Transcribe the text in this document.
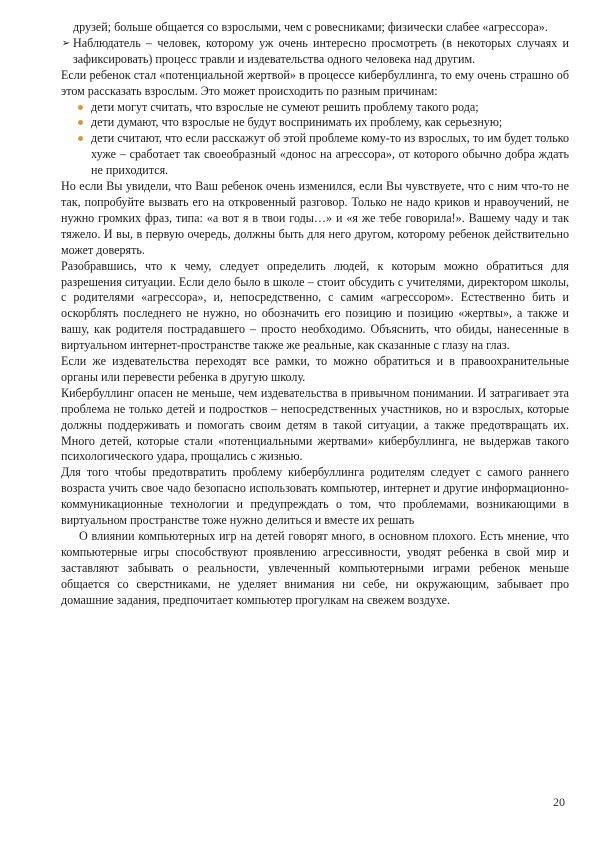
друзей; больше общается со взрослыми, чем с ровесниками; физически слабее «агрессора».

➢ Наблюдатель – человек, которому уж очень интересно просмотреть (в некоторых случаях и зафиксировать) процесс травли и издевательства одного человека над другим.

Если ребенок стал «потенциальной жертвой» в процессе кибербуллинга, то ему очень страшно об этом рассказать взрослым. Это может происходить по разным причинам:

дети могут считать, что взрослые не сумеют решить проблему такого рода;
дети думают, что взрослые не будут воспринимать их проблему, как серьезную;
дети считают, что если расскажут об этой проблеме кому-то из взрослых, то им будет только хуже – сработает так своеобразный «донос на агрессора», от которого обычно добра ждать не приходится.

Но если Вы увидели, что Ваш ребенок очень изменился, если Вы чувствуете, что с ним что-то не так, попробуйте вызвать его на откровенный разговор. Только не надо криков и нравоучений, не нужно громких фраз, типа: «а вот я в твои годы…» и «я же тебе говорила!». Вашему чаду и так тяжело. И вы, в первую очередь, должны быть для него другом, которому ребенок действительно может доверять.

Разобравшись, что к чему, следует определить людей, к которым можно обратиться для разрешения ситуации. Если дело было в школе – стоит обсудить с учителями, директором школы, с родителями «агрессора», и, непосредственно, с самим «агрессором». Естественно бить и оскорблять последнего не нужно, но обозначить его позицию и позицию «жертвы», а также и вашу, как родителя пострадавшего – просто необходимо. Объяснить, что обиды, нанесенные в виртуальном интернет-пространстве также же реальные, как сказанные с глазу на глаз.

Если же издевательства переходят все рамки, то можно обратиться и в правоохранительные органы или перевести ребенка в другую школу.

Кибербуллинг опасен не меньше, чем издевательства в привычном понимании. И затрагивает эта проблема не только детей и подростков – непосредственных участников, но и взрослых, которые должны поддерживать и помогать своим детям в такой ситуации, а также предотвращать их. Много детей, которые стали «потенциальными жертвами» кибербуллинга, не выдержав такого психологического удара, прощались с жизнью.

Для того чтобы предотвратить проблему кибербуллинга родителям следует с самого раннего возраста учить свое чадо безопасно использовать компьютер, интернет и другие информационно-коммуникационные технологии и предупреждать о том, что проблемами, возникающими в виртуальном пространстве тоже нужно делиться и вместе их решать

О влиянии компьютерных игр на детей говорят много, в основном плохого. Есть мнение, что компьютерные игры способствуют проявлению агрессивности, уводят ребенка в свой мир и заставляют забывать о реальности, увлеченный компьютерными играми ребенок меньше общается со сверстниками, не уделяет внимания ни себе, ни окружающим, забывает про домашние задания, предпочитает компьютер прогулкам на свежем воздухе.

20
